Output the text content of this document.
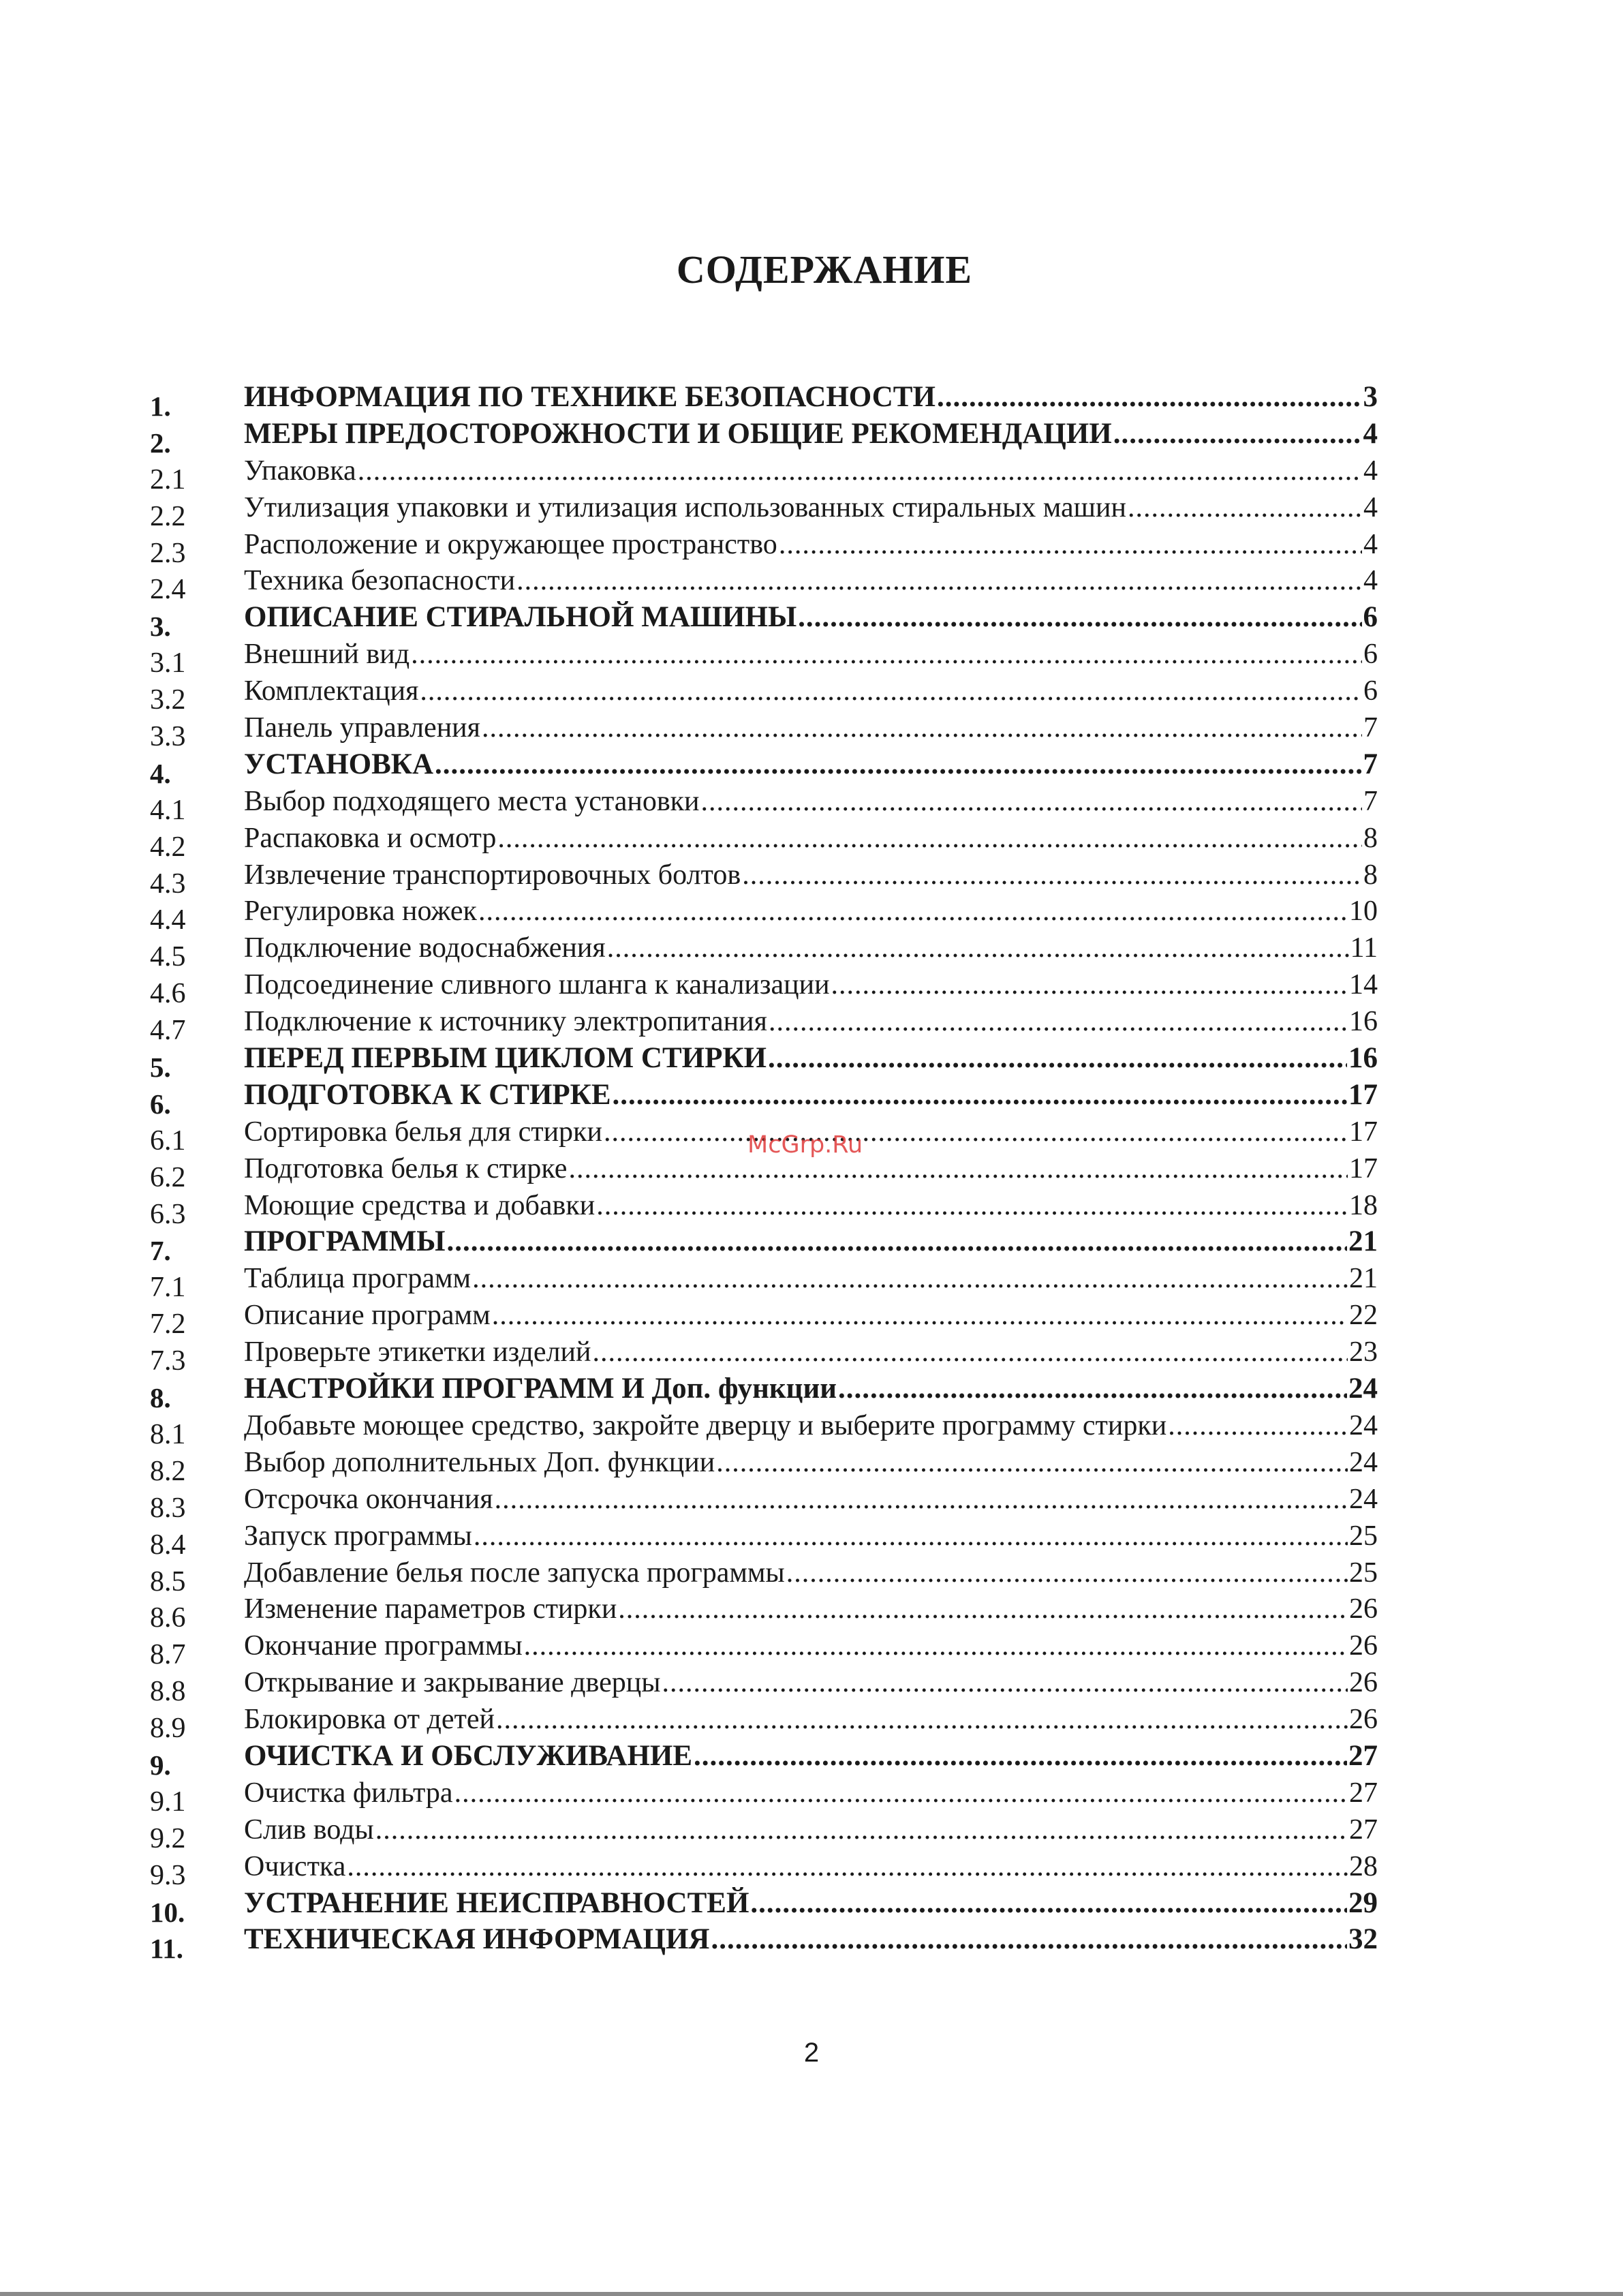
СОДЕРЖАНИЕ
1. ИНФОРМАЦИЯ ПО ТЕХНИКЕ БЕЗОПАСНОСТИ .....	3
2. МЕРЫ ПРЕДОСТОРОЖНОСТИ И ОБЩИЕ РЕКОМЕНДАЦИИ .....	4
2.1 Упаковка .....	4
2.2 Утилизация упаковки и утилизация использованных стиральных машин .....	4
2.3 Расположение и окружающее пространство .....	4
2.4 Техника безопасности .....	4
3. ОПИСАНИЕ СТИРАЛЬНОЙ МАШИНЫ .....	6
3.1 Внешний вид .....	6
3.2 Комплектация .....	6
3.3 Панель управления .....	7
4. УСТАНОВКА .....	7
4.1 Выбор подходящего места установки .....	7
4.2 Распаковка и осмотр .....	8
4.3 Извлечение транспортировочных болтов .....	8
4.4 Регулировка ножек .....	10
4.5 Подключение водоснабжения .....	11
4.6 Подсоединение сливного шланга к канализации .....	14
4.7 Подключение к источнику электропитания .....	16
5. ПЕРЕД ПЕРВЫМ ЦИКЛОМ СТИРКИ .....	16
6. ПОДГОТОВКА К СТИРКЕ .....	17
6.1 Сортировка белья для стирки .....	17
6.2 Подготовка белья к стирке .....	17
6.3 Моющие средства и добавки .....	18
7. ПРОГРАММЫ .....	21
7.1 Таблица программ .....	21
7.2 Описание программ .....	22
7.3 Проверьте этикетки изделий .....	23
8. НАСТРОЙКИ ПРОГРАММ И Доп. функции .....	24
8.1 Добавьте моющее средство, закройте дверцу и выберите программу стирки .....	24
8.2 Выбор дополнительных Доп. функции .....	24
8.3 Отсрочка окончания .....	24
8.4 Запуск программы .....	25
8.5 Добавление белья после запуска программы .....	25
8.6 Изменение параметров стирки .....	26
8.7 Окончание программы .....	26
8.8 Открывание и закрывание дверцы .....	26
8.9 Блокировка от детей .....	26
9. ОЧИСТКА И ОБСЛУЖИВАНИЕ .....	27
9.1 Очистка фильтра .....	27
9.2 Слив воды .....	27
9.3 Очистка .....	28
10. УСТРАНЕНИЕ НЕИСПРАВНОСТЕЙ .....	29
11. ТЕХНИЧЕСКАЯ ИНФОРМАЦИЯ .....	32
McGrp.Ru
2
